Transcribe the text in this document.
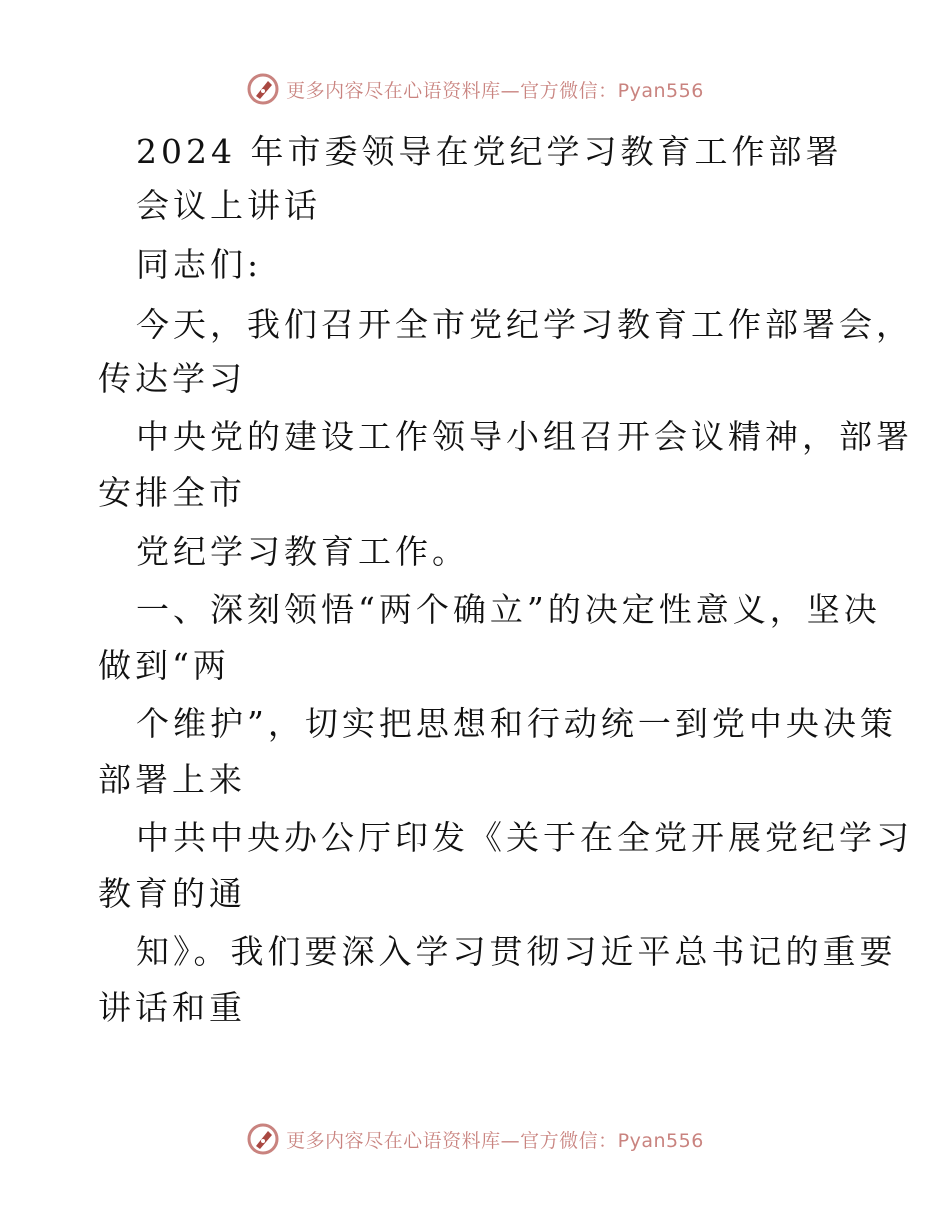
更多内容尽在心语资料库—官方微信：Pyan556
2024 年市委领导在党纪学习教育工作部署
会议上讲话
同志们:
今天，我们召开全市党纪学习教育工作部署会，
传达学习
中央党的建设工作领导小组召开会议精神，部署
安排全市
党纪学习教育工作。
一、深刻领悟“两个确立”的决定性意义，坚决
做到“两
个维护”，切实把思想和行动统一到党中央决策
部署上来
中共中央办公厅印发《关于在全党开展党纪学习
教育的通
知》。我们要深入学习贯彻习近平总书记的重要
讲话和重
更多内容尽在心语资料库—官方微信：Pyan556
